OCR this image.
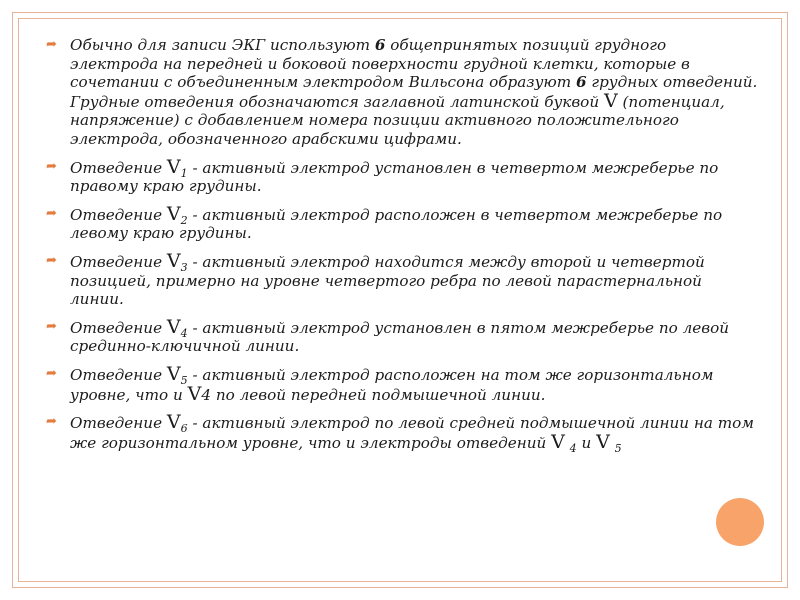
➦ Обычно для записи ЭКГ используют 6 общепринятых позиций грудного электрода на передней и боковой поверхности грудной клетки, которые в сочетании с объединенным электродом Вильсона образуют 6 грудных отведений. Грудные отведения обозначаются заглавной латинской буквой V (потенциал, напряжение) с добавлением номера позиции активного положительного электрода, обозначенного арабскими цифрами.

➦ Отведение $V_1$ - активный электрод установлен в четвертом межреберье по правому краю грудины.

➦ Отведение $V_2$ - активный электрод расположен в четвертом межреберье по левому краю грудины.

➦ Отведение $V_3$ - активный электрод находится между второй и четвертой позицией, примерно на уровне четвертого ребра по левой парастернальной линии.

➦ Отведение $V_4$ - активный электрод установлен в пятом межреберье по левой срединно-ключичной линии.

➦ Отведение $V_5$ - активный электрод расположен на том же горизонтальном уровне, что и V4 по левой передней подмышечной линии.

➦ Отведение $V_6$ - активный электрод по левой средней подмышечной линии на том же горизонтальном уровне, что и электроды отведений V $_4$ и V $_5$
